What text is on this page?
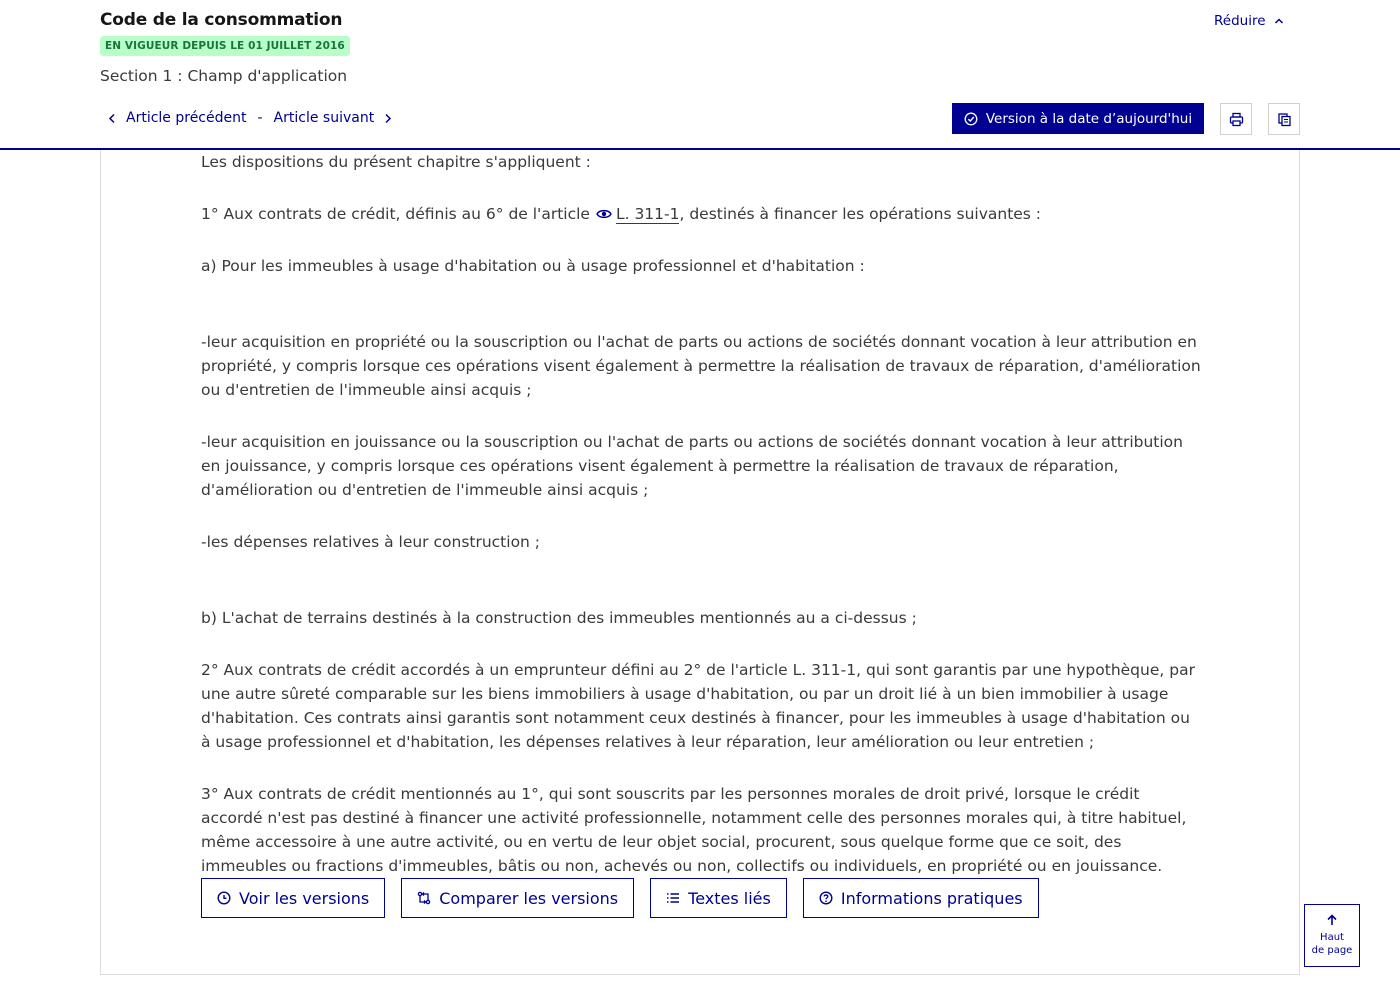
Code de la consommation
EN VIGUEUR DEPUIS LE 01 JUILLET 2016
Section 1 : Champ d'application
Réduire
Article précédent - Article suivant	Version à la date d’aujourd'hui

Les dispositions du présent chapitre s'appliquent :

1° Aux contrats de crédit, définis au 6° de l'article L. 311-1, destinés à financer les opérations suivantes :

a) Pour les immeubles à usage d'habitation ou à usage professionnel et d'habitation :

-leur acquisition en propriété ou la souscription ou l'achat de parts ou actions de sociétés donnant vocation à leur attribution en propriété, y compris lorsque ces opérations visent également à permettre la réalisation de travaux de réparation, d'amélioration ou d'entretien de l'immeuble ainsi acquis ;

-leur acquisition en jouissance ou la souscription ou l'achat de parts ou actions de sociétés donnant vocation à leur attribution en jouissance, y compris lorsque ces opérations visent également à permettre la réalisation de travaux de réparation, d'amélioration ou d'entretien de l'immeuble ainsi acquis ;

-les dépenses relatives à leur construction ;

b) L'achat de terrains destinés à la construction des immeubles mentionnés au a ci-dessus ;

2° Aux contrats de crédit accordés à un emprunteur défini au 2° de l'article L. 311-1, qui sont garantis par une hypothèque, par une autre sûreté comparable sur les biens immobiliers à usage d'habitation, ou par un droit lié à un bien immobilier à usage d'habitation. Ces contrats ainsi garantis sont notamment ceux destinés à financer, pour les immeubles à usage d'habitation ou à usage professionnel et d'habitation, les dépenses relatives à leur réparation, leur amélioration ou leur entretien ;

3° Aux contrats de crédit mentionnés au 1°, qui sont souscrits par les personnes morales de droit privé, lorsque le crédit accordé n'est pas destiné à financer une activité professionnelle, notamment celle des personnes morales qui, à titre habituel, même accessoire à une autre activité, ou en vertu de leur objet social, procurent, sous quelque forme que ce soit, des immeubles ou fractions d'immeubles, bâtis ou non, achevés ou non, collectifs ou individuels, en propriété ou en jouissance.

Voir les versions	Comparer les versions	Textes liés	Informations pratiques
Haut
de page
